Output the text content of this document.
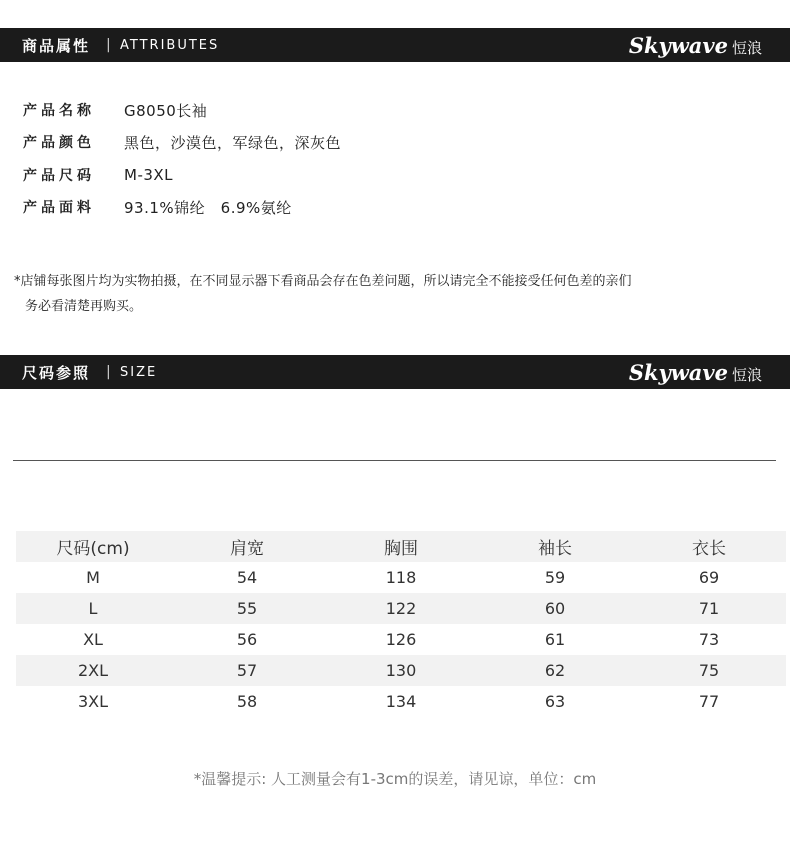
商品属性 | ATTRIBUTES	Skywave 㤱浪
产品名称	G8050长袖
产品颜色	黑色，沙漠色，军绿色，深灰色
产品尺码	M-3XL
产品面料	93.1%锦纶　6.9%氨纶
*店铺每张图片均为实物拍摄，在不同显示器下看商品会存在色差问题，所以请完全不能接受任何色差的亲们
务必看清楚再购买。
尺码参照 | SIZE	Skywave 㤱浪
尺码(cm)	肩宽	胸围	袖长	衣长
M	54	118	59	69
L	55	122	60	71
XL	56	126	61	73
2XL	57	130	62	75
3XL	58	134	63	77
*温馨提示: 人工测量会有1-3cm的误差，请见谅，单位：cm
